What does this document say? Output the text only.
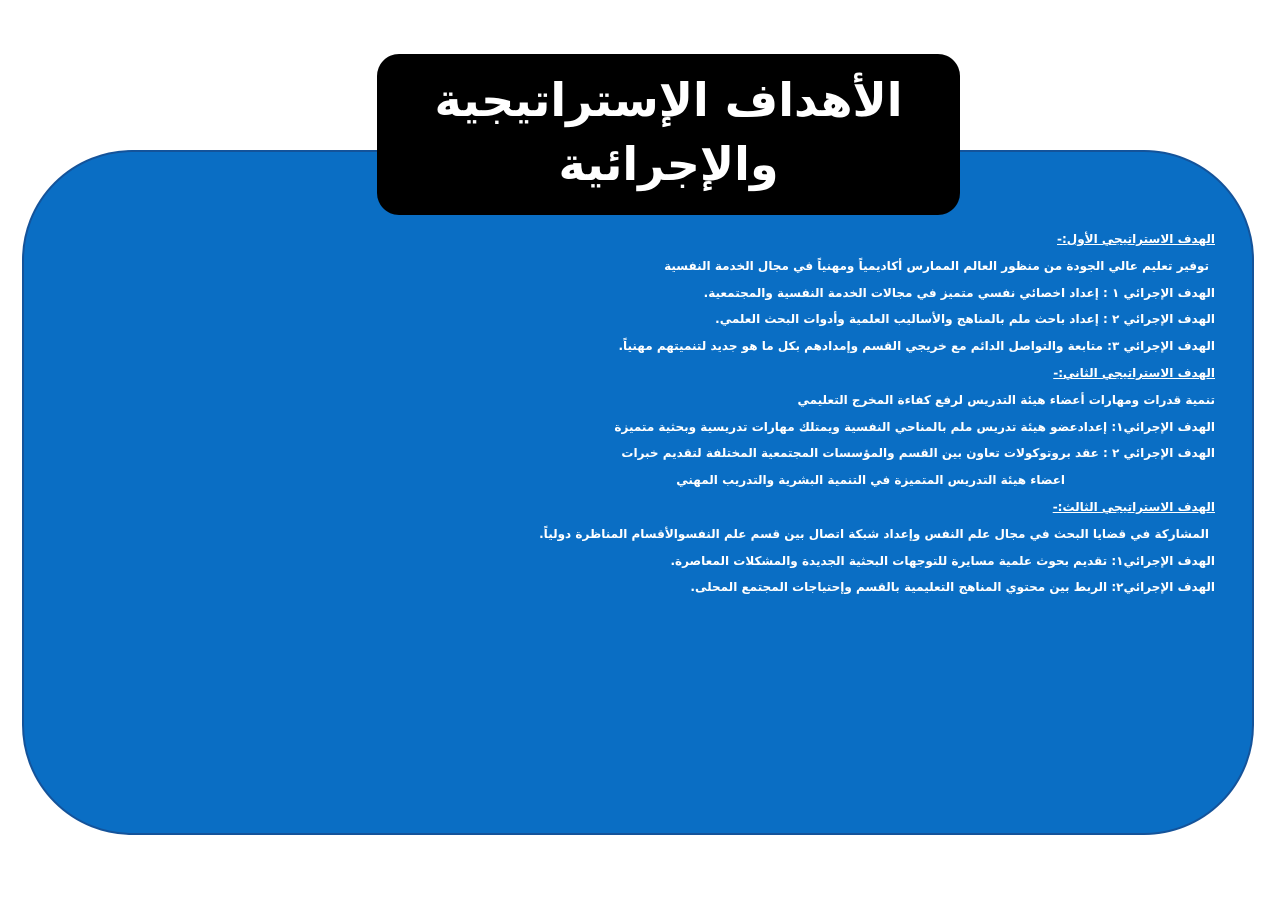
الأهداف الإستراتيجية
والإجرائية
الهدف الاستراتيجي الأول:-
توفير تعليم عالي الجودة من منظور العالم الممارس أكاديمياً ومهنياً في مجال الخدمة النفسية
الهدف الإجرائي ١ : إعداد اخصائي نفسي متميز في مجالات الخدمة النفسية والمجتمعية.
الهدف الإجرائي ٢ : إعداد باحث ملم بالمناهج والأساليب العلمية وأدوات البحث العلمي.
الهدف الإجرائي ٣: متابعة والتواصل الدائم مع خريجي القسم وإمدادهم بكل ما هو جديد لتنميتهم مهنياً.
الهدف الاستراتيجي الثاني:-
تنمية قدرات ومهارات أعضاء هيئة التدريس لرفع كفاءة المخرج التعليمي
الهدف الإجرائي١: إعدادعضو هيئة تدريس ملم بالمناحي النفسية ويمتلك مهارات تدريسية وبحثية متميزة
الهدف الإجرائي ٢ : عقد بروتوكولات تعاون بين القسم والمؤسسات المجتمعية المختلفة لتقديم خبرات
اعضاء هيئة التدريس المتميزة في التنمية البشرية والتدريب المهني
الهدف الاستراتيجي الثالث:-
المشاركة في قضايا البحث في مجال علم النفس وإعداد شبكة اتصال بين قسم علم النفسوالأقسام المناظرة دولياً.
الهدف الإجرائي١: تقديم بحوث علمية مسايرة للتوجهات البحثية الجديدة والمشكلات المعاصرة.
الهدف الإجرائي٢: الربط بين محتوي المناهج التعليمية بالقسم وإحتياجات المجتمع المحلى.
